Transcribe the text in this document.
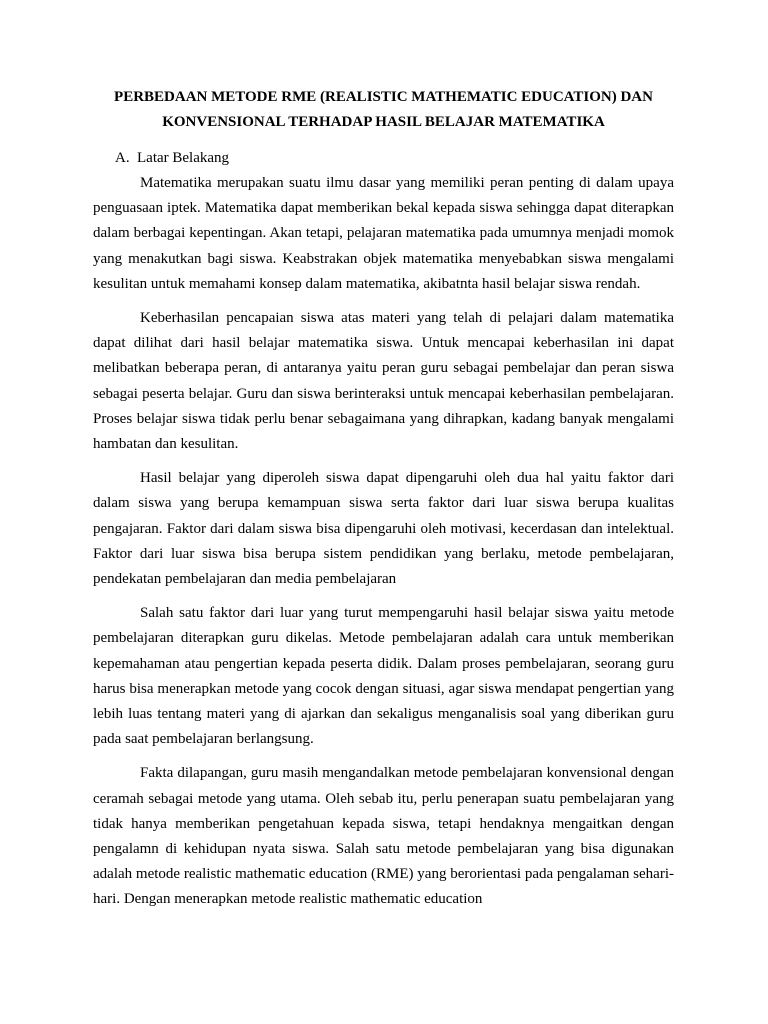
PERBEDAAN METODE RME (REALISTIC MATHEMATIC EDUCATION) DAN
KONVENSIONAL TERHADAP HASIL BELAJAR MATEMATIKA
A. Latar Belakang

Matematika merupakan suatu ilmu dasar yang memiliki peran penting di dalam upaya penguasaan iptek. Matematika dapat memberikan bekal kepada siswa sehingga dapat diterapkan dalam berbagai kepentingan. Akan tetapi, pelajaran matematika pada umumnya menjadi momok yang menakutkan bagi siswa. Keabstrakan objek matematika menyebabkan siswa mengalami kesulitan untuk memahami konsep dalam matematika, akibatnta hasil belajar siswa rendah.

Keberhasilan pencapaian siswa atas materi yang telah di pelajari dalam matematika dapat dilihat dari hasil belajar matematika siswa. Untuk mencapai keberhasilan ini dapat melibatkan beberapa peran, di antaranya yaitu peran guru sebagai pembelajar dan peran siswa sebagai peserta belajar. Guru dan siswa berinteraksi untuk mencapai keberhasilan pembelajaran. Proses belajar siswa tidak perlu benar sebagaimana yang dihrapkan, kadang banyak mengalami hambatan dan kesulitan.

Hasil belajar yang diperoleh siswa dapat dipengaruhi oleh dua hal yaitu faktor dari dalam siswa yang berupa kemampuan siswa serta faktor dari luar siswa berupa kualitas pengajaran. Faktor dari dalam siswa bisa dipengaruhi oleh motivasi, kecerdasan dan intelektual. Faktor dari luar siswa bisa berupa sistem pendidikan yang berlaku, metode pembelajaran, pendekatan pembelajaran dan media pembelajaran

Salah satu faktor dari luar yang turut mempengaruhi hasil belajar siswa yaitu metode pembelajaran diterapkan guru dikelas. Metode pembelajaran adalah cara untuk memberikan kepemahaman atau pengertian kepada peserta didik. Dalam proses pembelajaran, seorang guru harus bisa menerapkan metode yang cocok dengan situasi, agar siswa mendapat pengertian yang lebih luas tentang materi yang di ajarkan dan sekaligus menganalisis soal yang diberikan guru pada saat pembelajaran berlangsung.

Fakta dilapangan, guru masih mengandalkan metode pembelajaran konvensional dengan ceramah sebagai metode yang utama. Oleh sebab itu, perlu penerapan suatu pembelajaran yang tidak hanya memberikan pengetahuan kepada siswa, tetapi hendaknya mengaitkan dengan pengalamn di kehidupan nyata siswa. Salah satu metode pembelajaran yang bisa digunakan adalah metode realistic mathematic education (RME) yang berorientasi pada pengalaman sehari-hari. Dengan menerapkan metode realistic mathematic education
